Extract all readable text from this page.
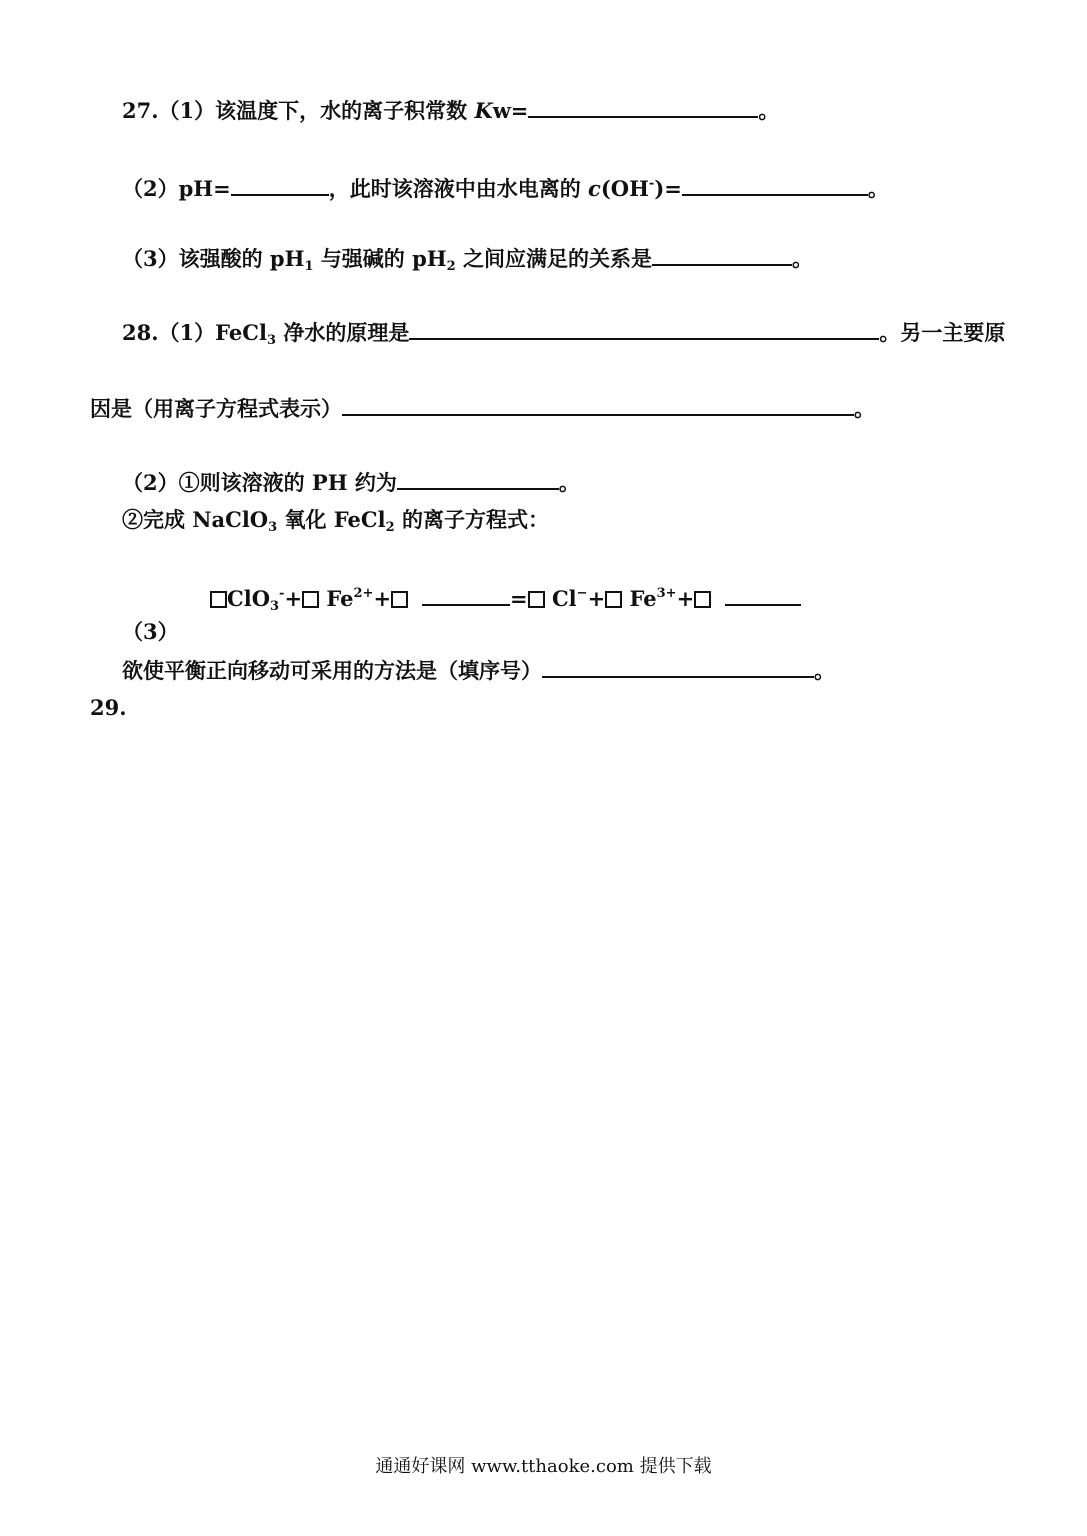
27.（1）该温度下，水的离子积常数 Kw=	。
（2）pH=	，此时该溶液中由水电离的 c(OH-)=	。
（3）该强酸的 $pH_1$ 与强碱的 $pH_2$ 之间应满足的关系是	。
28.（1）FeCl$_3$ 净水的原理是	。另一主要原
因是（用离子方程式表示）	。
（2）①则该溶液的 PH 约为	。
②完成 NaClO$_3$ 氧化 FeCl$_2$ 的离子方程式：
$ClO_3^-+ Fe^{2+}+$	= $Cl^-+ Fe^{3+}+$
（3）
欲使平衡正向移动可采用的方法是（填序号）	。
29.
通通好课网 www.tthaoke.com 提供下载
